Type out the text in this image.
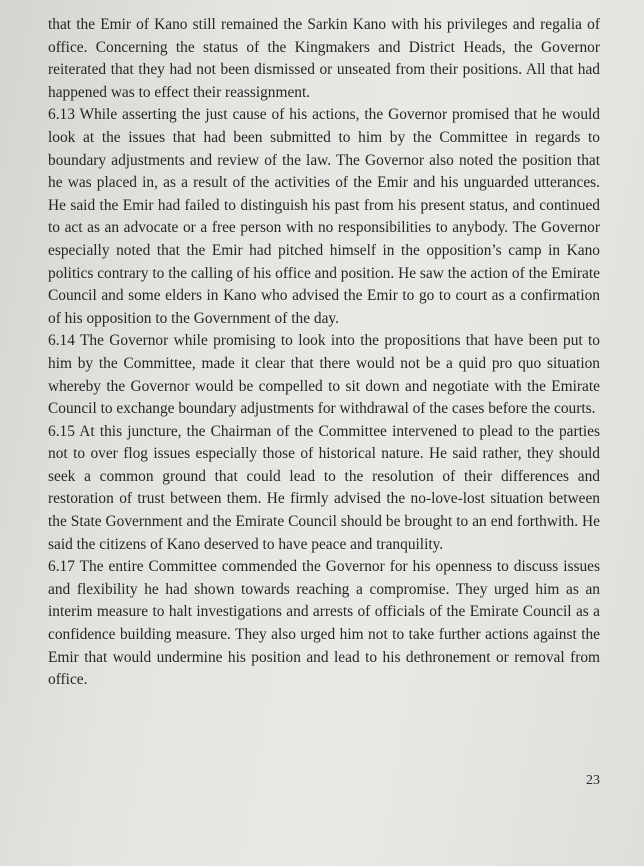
that the Emir of Kano still remained the Sarkin Kano with his privileges and regalia of office. Concerning the status of the Kingmakers and District Heads, the Governor reiterated that they had not been dismissed or unseated from their positions. All that had happened was to effect their reassignment.

6.13 While asserting the just cause of his actions, the Governor promised that he would look at the issues that had been submitted to him by the Committee in regards to boundary adjustments and review of the law. The Governor also noted the position that he was placed in, as a result of the activities of the Emir and his unguarded utterances. He said the Emir had failed to distinguish his past from his present status, and continued to act as an advocate or a free person with no responsibilities to anybody. The Governor especially noted that the Emir had pitched himself in the opposition’s camp in Kano politics contrary to the calling of his office and position. He saw the action of the Emirate Council and some elders in Kano who advised the Emir to go to court as a confirmation of his opposition to the Government of the day.

6.14 The Governor while promising to look into the propositions that have been put to him by the Committee, made it clear that there would not be a quid pro quo situation whereby the Governor would be compelled to sit down and negotiate with the Emirate Council to exchange boundary adjustments for withdrawal of the cases before the courts.

6.15 At this juncture, the Chairman of the Committee intervened to plead to the parties not to over flog issues especially those of historical nature. He said rather, they should seek a common ground that could lead to the resolution of their differences and restoration of trust between them. He firmly advised the no-love-lost situation between the State Government and the Emirate Council should be brought to an end forthwith. He said the citizens of Kano deserved to have peace and tranquility.

6.17 The entire Committee commended the Governor for his openness to discuss issues and flexibility he had shown towards reaching a compromise. They urged him as an interim measure to halt investigations and arrests of officials of the Emirate Council as a confidence building measure. They also urged him not to take further actions against the Emir that would undermine his position and lead to his dethronement or removal from office.

23
